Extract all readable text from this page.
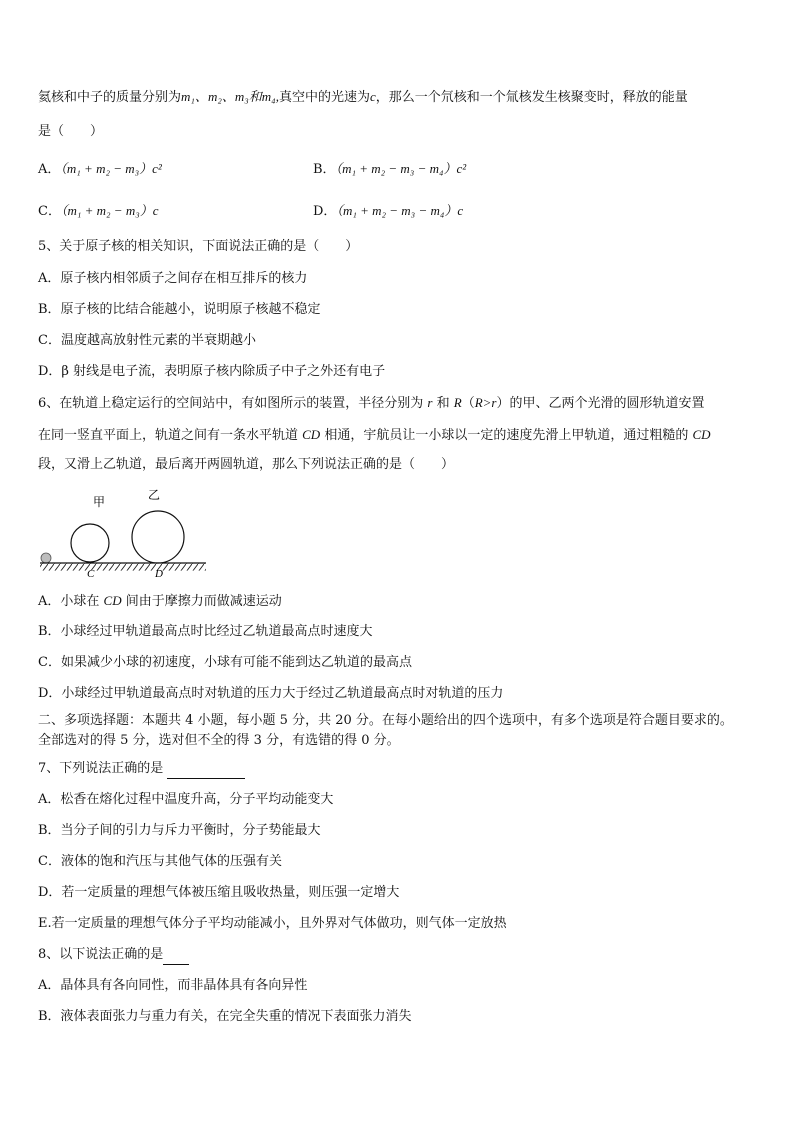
氦核和中子的质量分别为m₁、m₂、m₃和m₄,真空中的光速为c，那么一个氘核和一个氚核发生核聚变时，释放的能量
是（　　）
A．（m₁ + m₂ − m₃）c²	B．（m₁ + m₂ − m₃ − m₄）c²
C．（m₁ + m₂ − m₃）c	D．（m₁ + m₂ − m₃ − m₄）c
5、关于原子核的相关知识，下面说法正确的是（　　）
A．原子核内相邻质子之间存在相互排斥的核力
B．原子核的比结合能越小，说明原子核越不稳定
C．温度越高放射性元素的半衰期越小
D．β 射线是电子流，表明原子核内除质子中子之外还有电子
6、在轨道上稳定运行的空间站中，有如图所示的装置，半径分别为 r 和 R（R>r）的甲、乙两个光滑的圆形轨道安置
在同一竖直平面上，轨道之间有一条水平轨道 CD 相通，宇航员让一小球以一定的速度先滑上甲轨道，通过粗糙的 CD
段，又滑上乙轨道，最后离开两圆轨道，那么下列说法正确的是（　　）
甲	乙
C	D
A．小球在 CD 间由于摩擦力而做减速运动
B．小球经过甲轨道最高点时比经过乙轨道最高点时速度大
C．如果减少小球的初速度，小球有可能不能到达乙轨道的最高点
D．小球经过甲轨道最高点时对轨道的压力大于经过乙轨道最高点时对轨道的压力
二、多项选择题：本题共 4 小题，每小题 5 分，共 20 分。在每小题给出的四个选项中，有多个选项是符合题目要求的。
全部选对的得 5 分，选对但不全的得 3 分，有选错的得 0 分。
7、下列说法正确的是
A．松香在熔化过程中温度升高，分子平均动能变大
B．当分子间的引力与斥力平衡时，分子势能最大
C．液体的饱和汽压与其他气体的压强有关
D．若一定质量的理想气体被压缩且吸收热量，则压强一定增大
E.若一定质量的理想气体分子平均动能减小，且外界对气体做功，则气体一定放热
8、以下说法正确的是
A．晶体具有各向同性，而非晶体具有各向异性
B．液体表面张力与重力有关，在完全失重的情况下表面张力消失
